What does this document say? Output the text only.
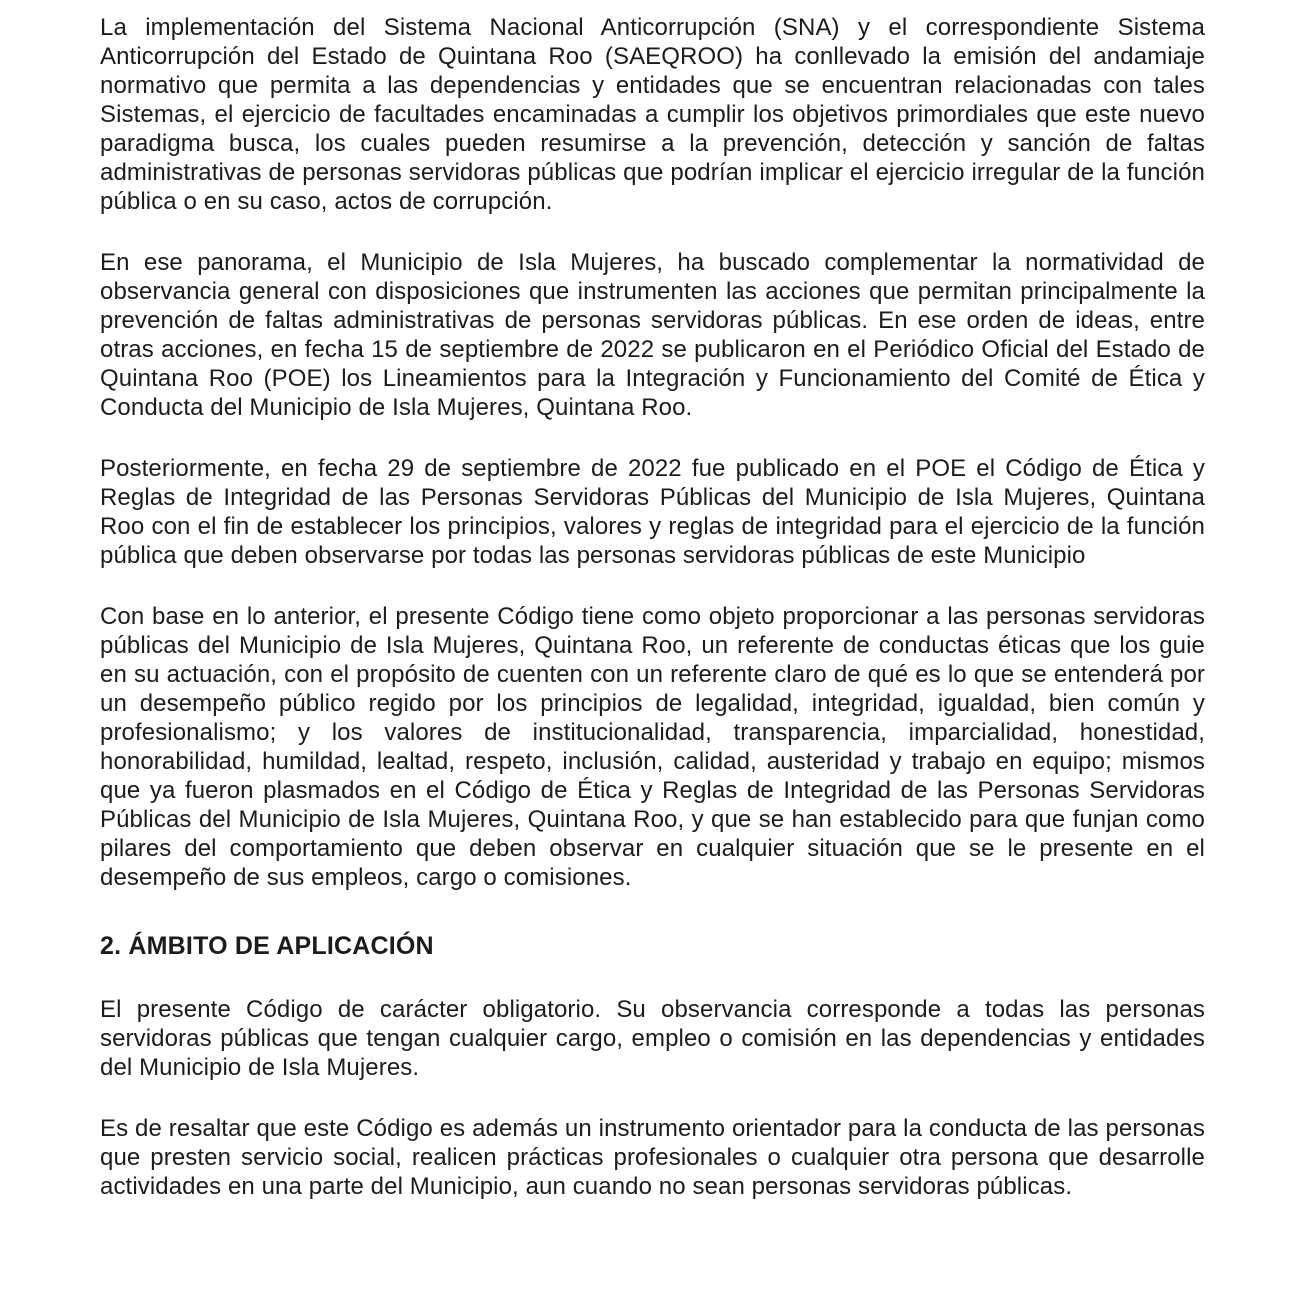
La implementación del Sistema Nacional Anticorrupción (SNA) y el correspondiente Sistema Anticorrupción del Estado de Quintana Roo (SAEQROO) ha conllevado la emisión del andamiaje normativo que permita a las dependencias y entidades que se encuentran relacionadas con tales Sistemas, el ejercicio de facultades encaminadas a cumplir los objetivos primordiales que este nuevo paradigma busca, los cuales pueden resumirse a la prevención, detección y sanción de faltas administrativas de personas servidoras públicas que podrían implicar el ejercicio irregular de la función pública o en su caso, actos de corrupción.

En ese panorama, el Municipio de Isla Mujeres, ha buscado complementar la normatividad de observancia general con disposiciones que instrumenten las acciones que permitan principalmente la prevención de faltas administrativas de personas servidoras públicas. En ese orden de ideas, entre otras acciones, en fecha 15 de septiembre de 2022 se publicaron en el Periódico Oficial del Estado de Quintana Roo (POE) los Lineamientos para la Integración y Funcionamiento del Comité de Ética y Conducta del Municipio de Isla Mujeres, Quintana Roo.

Posteriormente, en fecha 29 de septiembre de 2022 fue publicado en el POE el Código de Ética y Reglas de Integridad de las Personas Servidoras Públicas del Municipio de Isla Mujeres, Quintana Roo con el fin de establecer los principios, valores y reglas de integridad para el ejercicio de la función pública que deben observarse por todas las personas servidoras públicas de este Municipio

Con base en lo anterior, el presente Código tiene como objeto proporcionar a las personas servidoras públicas del Municipio de Isla Mujeres, Quintana Roo, un referente de conductas éticas que los guie en su actuación, con el propósito de cuenten con un referente claro de qué es lo que se entenderá por un desempeño público regido por los principios de legalidad, integridad, igualdad, bien común y profesionalismo; y los valores de institucionalidad, transparencia, imparcialidad, honestidad, honorabilidad, humildad, lealtad, respeto, inclusión, calidad, austeridad y trabajo en equipo; mismos que ya fueron plasmados en el Código de Ética y Reglas de Integridad de las Personas Servidoras Públicas del Municipio de Isla Mujeres, Quintana Roo, y que se han establecido para que funjan como pilares del comportamiento que deben observar en cualquier situación que se le presente en el desempeño de sus empleos, cargo o comisiones.

2. ÁMBITO DE APLICACIÓN

El presente Código de carácter obligatorio. Su observancia corresponde a todas las personas servidoras públicas que tengan cualquier cargo, empleo o comisión en las dependencias y entidades del Municipio de Isla Mujeres.

Es de resaltar que este Código es además un instrumento orientador para la conducta de las personas que presten servicio social, realicen prácticas profesionales o cualquier otra persona que desarrolle actividades en una parte del Municipio, aun cuando no sean personas servidoras públicas.
